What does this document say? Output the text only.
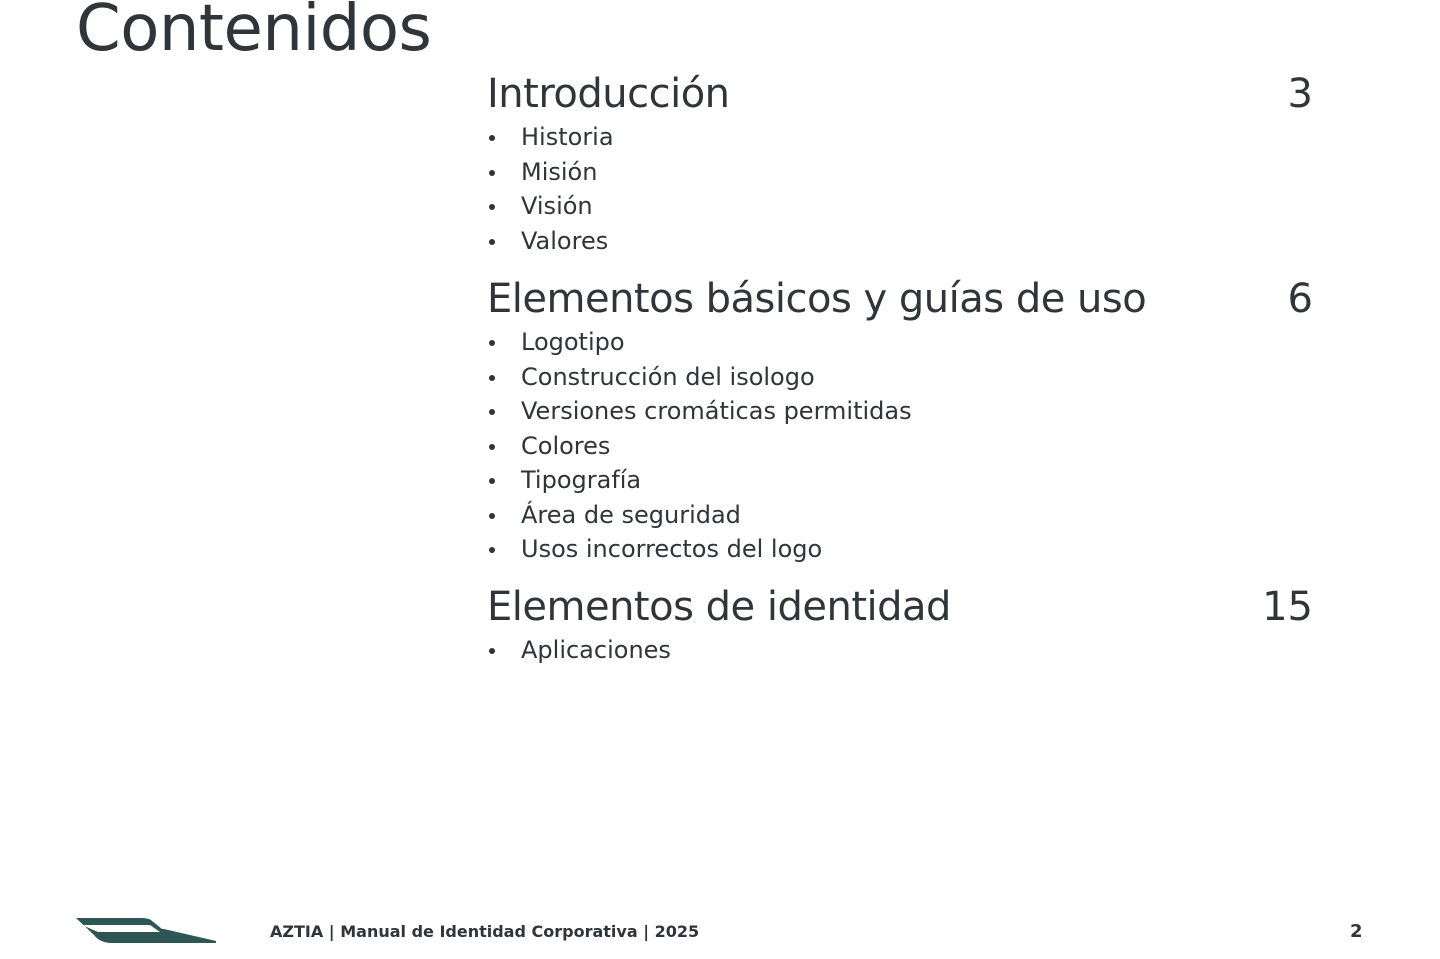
Contenidos
Introducción	3
Historia
Misión
Visión
Valores
Elementos básicos y guías de uso	6
Logotipo
Construcción del isologo
Versiones cromáticas permitidas
Colores
Tipografía
Área de seguridad
Usos incorrectos del logo
Elementos de identidad	15
Aplicaciones
AZTIA | Manual de Identidad Corporativa | 2025	2
